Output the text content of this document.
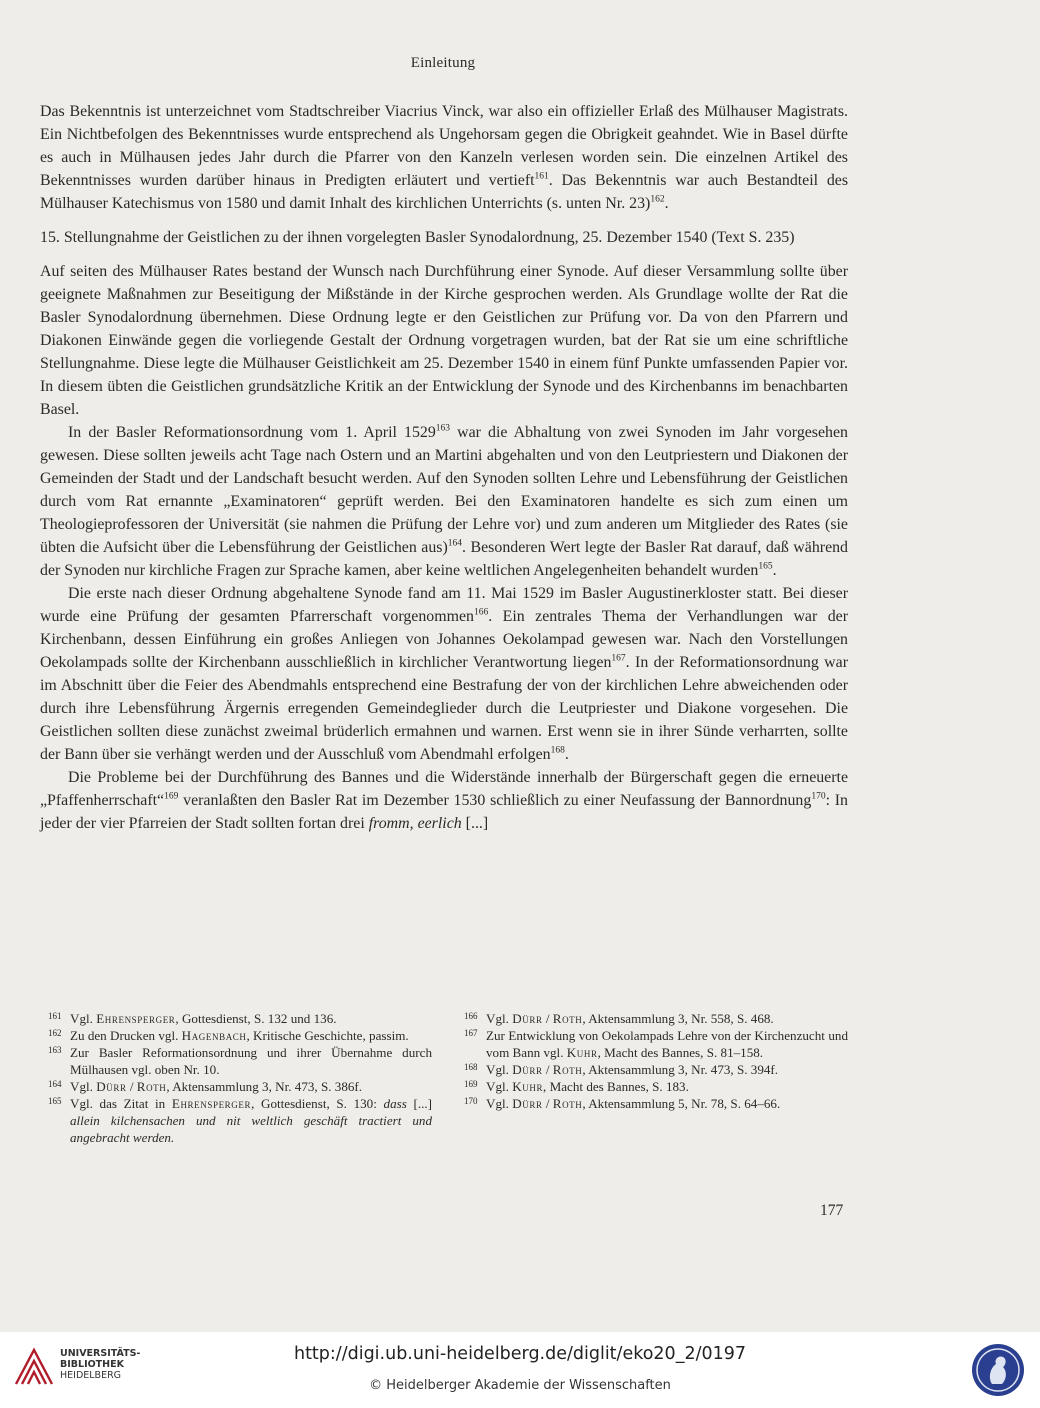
Einleitung

Das Bekenntnis ist unterzeichnet vom Stadtschreiber Viacrius Vinck, war also ein offizieller Erlaß des Mülhauser Magistrats. Ein Nichtbefolgen des Bekenntnisses wurde entsprechend als Ungehorsam gegen die Obrigkeit geahndet. Wie in Basel dürfte es auch in Mülhausen jedes Jahr durch die Pfarrer von den Kanzeln verlesen worden sein. Die einzelnen Artikel des Bekenntnisses wurden darüber hinaus in Predigten erläutert und vertieft$^{161}$. Das Bekenntnis war auch Bestandteil des Mülhauser Katechismus von 1580 und damit Inhalt des kirchlichen Unterrichts (s. unten Nr. 23)$^{162}$.

15. Stellungnahme der Geistlichen zu der ihnen vorgelegten Basler Synodalordnung, 25. Dezember 1540 (Text S. 235)

Auf seiten des Mülhauser Rates bestand der Wunsch nach Durchführung einer Synode. Auf dieser Versammlung sollte über geeignete Maßnahmen zur Beseitigung der Mißstände in der Kirche gesprochen werden. Als Grundlage wollte der Rat die Basler Synodalordnung übernehmen. Diese Ordnung legte er den Geistlichen zur Prüfung vor. Da von den Pfarrern und Diakonen Einwände gegen die vorliegende Gestalt der Ordnung vorgetragen wurden, bat der Rat sie um eine schriftliche Stellungnahme. Diese legte die Mülhauser Geistlichkeit am 25. Dezember 1540 in einem fünf Punkte umfassenden Papier vor. In diesem übten die Geistlichen grundsätzliche Kritik an der Entwicklung der Synode und des Kirchenbanns im benachbarten Basel.

In der Basler Reformationsordnung vom 1. April 1529$^{163}$ war die Abhaltung von zwei Synoden im Jahr vorgesehen gewesen. Diese sollten jeweils acht Tage nach Ostern und an Martini abgehalten und von den Leutpriestern und Diakonen der Gemeinden der Stadt und der Landschaft besucht werden. Auf den Synoden sollten Lehre und Lebensführung der Geistlichen durch vom Rat ernannte „Examinatoren“ geprüft werden. Bei den Examinatoren handelte es sich zum einen um Theologieprofessoren der Universität (sie nahmen die Prüfung der Lehre vor) und zum anderen um Mitglieder des Rates (sie übten die Aufsicht über die Lebensführung der Geistlichen aus)$^{164}$. Besonderen Wert legte der Basler Rat darauf, daß während der Synoden nur kirchliche Fragen zur Sprache kamen, aber keine weltlichen Angelegenheiten behandelt wurden$^{165}$.

Die erste nach dieser Ordnung abgehaltene Synode fand am 11. Mai 1529 im Basler Augustinerkloster statt. Bei dieser wurde eine Prüfung der gesamten Pfarrerschaft vorgenommen$^{166}$. Ein zentrales Thema der Verhandlungen war der Kirchenbann, dessen Einführung ein großes Anliegen von Johannes Oekolampad gewesen war. Nach den Vorstellungen Oekolampads sollte der Kirchenbann ausschließlich in kirchlicher Verantwortung liegen$^{167}$. In der Reformationsordnung war im Abschnitt über die Feier des Abendmahls entsprechend eine Bestrafung der von der kirchlichen Lehre abweichenden oder durch ihre Lebensführung Ärgernis erregenden Gemeindeglieder durch die Leutpriester und Diakone vorgesehen. Die Geistlichen sollten diese zunächst zweimal brüderlich ermahnen und warnen. Erst wenn sie in ihrer Sünde verharrten, sollte der Bann über sie verhängt werden und der Ausschluß vom Abendmahl erfolgen$^{168}$.

Die Probleme bei der Durchführung des Bannes und die Widerstände innerhalb der Bürgerschaft gegen die erneuerte „Pfaffenherrschaft“$^{169}$ veranlaßten den Basler Rat im Dezember 1530 schließlich zu einer Neufassung der Bannordnung$^{170}$: In jeder der vier Pfarreien der Stadt sollten fortan drei fromm, eerlich [...]

161 Vgl. Ehrensperger, Gottesdienst, S. 132 und 136.
162 Zu den Drucken vgl. Hagenbach, Kritische Geschichte, passim.
163 Zur Basler Reformationsordnung und ihrer Übernahme durch Mülhausen vgl. oben Nr. 10.
164 Vgl. Dürr / Roth, Aktensammlung 3, Nr. 473, S. 386f.
165 Vgl. das Zitat in Ehrensperger, Gottesdienst, S. 130: dass [...] allein kilchensachen und nit weltlich geschäft tractiert und angebracht werden.
166 Vgl. Dürr / Roth, Aktensammlung 3, Nr. 558, S. 468.
167 Zur Entwicklung von Oekolampads Lehre von der Kirchenzucht und vom Bann vgl. Kuhr, Macht des Bannes, S. 81–158.
168 Vgl. Dürr / Roth, Aktensammlung 3, Nr. 473, S. 394f.
169 Vgl. Kuhr, Macht des Bannes, S. 183.
170 Vgl. Dürr / Roth, Aktensammlung 5, Nr. 78, S. 64–66.
177
UNIVERSITÄTS-
BIBLIOTHEK
HEIDELBERG
http://digi.ub.uni-heidelberg.de/diglit/eko20_2/0197
© Heidelberger Akademie der Wissenschaften
